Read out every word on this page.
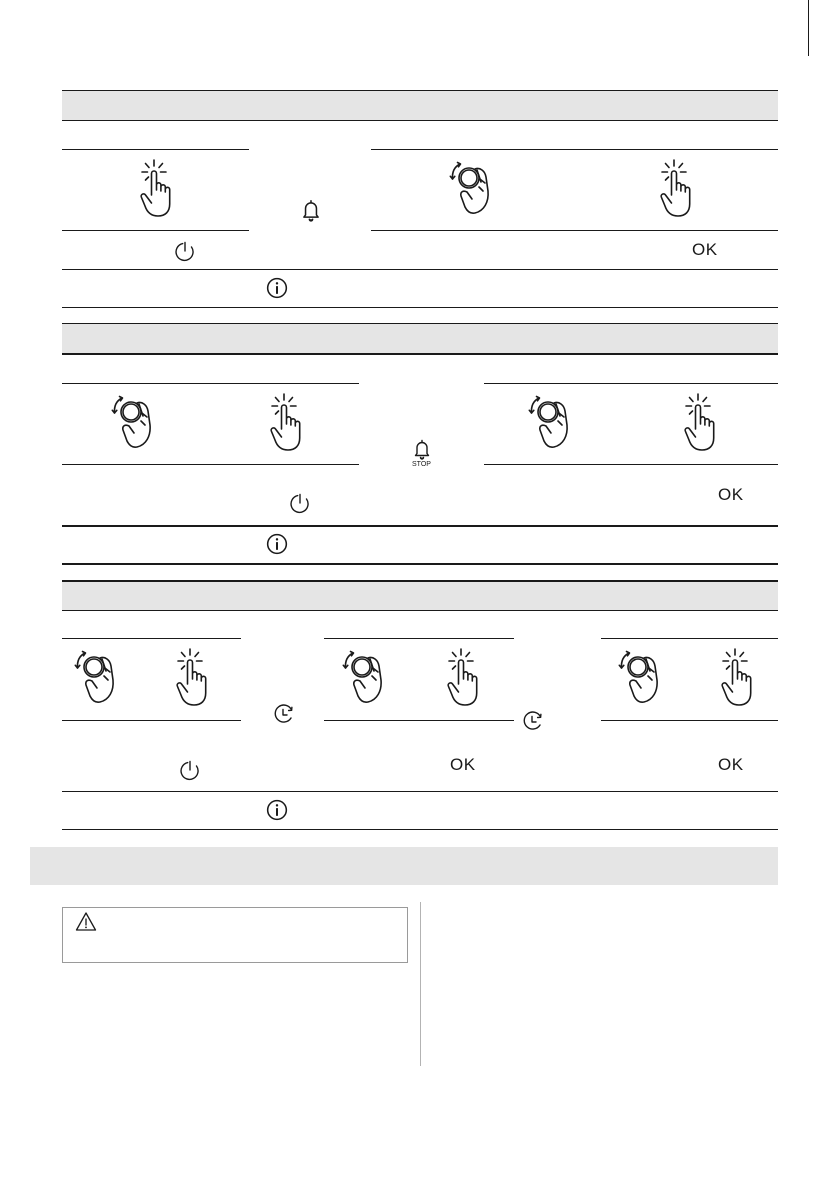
OK
STOP
OK
OK	OK
